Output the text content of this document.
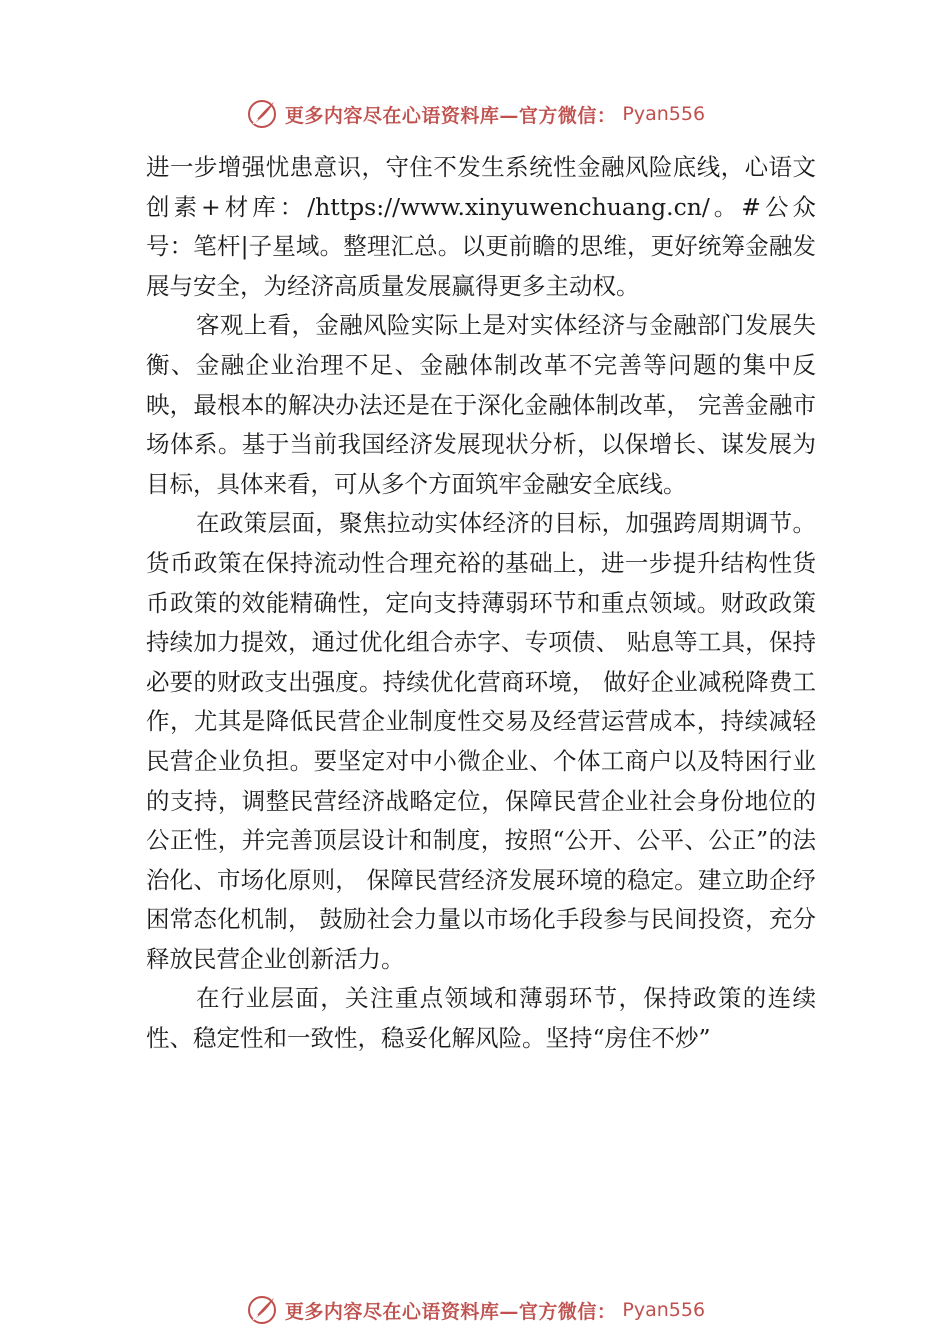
更多内容尽在心语资料库—官方微信： Pyan556

进一步增强忧患意识，守住不发生系统性金融风险底线，心语文创素+材库：/https://www.xinyuwenchuang.cn/。#公众号：笔杆|子星域。整理汇总。以更前瞻的思维，更好统筹金融发展与安全，为经济高质量发展赢得更多主动权。

客观上看，金融风险实际上是对实体经济与金融部门发展失衡、金融企业治理不足、金融体制改革不完善等问题的集中反映，最根本的解决办法还是在于深化金融体制改革， 完善金融市场体系。基于当前我国经济发展现状分析，以保增长、谋发展为目标，具体来看，可从多个方面筑牢金融安全底线。

在政策层面，聚焦拉动实体经济的目标，加强跨周期调节。货币政策在保持流动性合理充裕的基础上，进一步提升结构性货币政策的效能精确性，定向支持薄弱环节和重点领域。财政政策持续加力提效，通过优化组合赤字、专项债、 贴息等工具，保持必要的财政支出强度。持续优化营商环境， 做好企业减税降费工作，尤其是降低民营企业制度性交易及经营运营成本，持续减轻民营企业负担。要坚定对中小微企业、个体工商户以及特困行业的支持，调整民营经济战略定位，保障民营企业社会身份地位的公正性，并完善顶层设计和制度，按照“公开、公平、公正”的法治化、市场化原则， 保障民营经济发展环境的稳定。建立助企纾困常态化机制， 鼓励社会力量以市场化手段参与民间投资，充分释放民营企业创新活力。

在行业层面，关注重点领域和薄弱环节，保持政策的连续性、稳定性和一致性，稳妥化解风险。坚持“房住不炒”

更多内容尽在心语资料库—官方微信： Pyan556
